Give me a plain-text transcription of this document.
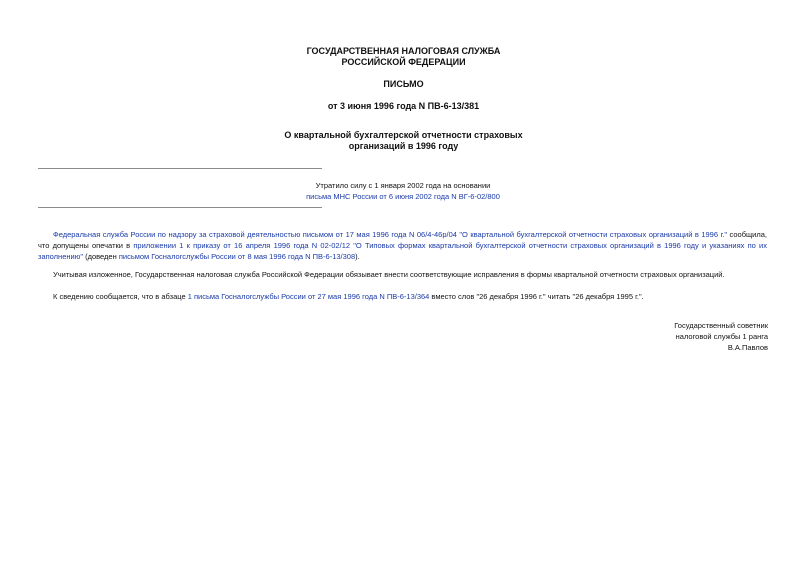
ГОСУДАРСТВЕННАЯ НАЛОГОВАЯ СЛУЖБА
РОССИЙСКОЙ ФЕДЕРАЦИИ
ПИСЬМО
от 3 июня 1996 года N ПВ-6-13/381
О квартальной бухгалтерской отчетности страховых
организаций в 1996 году
Утратило силу с 1 января 2002 года на основании
письма МНС России от 6 июня 2002 года N ВГ-6-02/800
Федеральная служба России по надзору за страховой деятельностью письмом от 17 мая 1996 года N 06/4-46р/04 "О квартальной бухгалтерской отчетности страховых организаций в 1996 г." сообщила, что допущены опечатки в приложении 1 к приказу от 16 апреля 1996 года N 02-02/12 "О Типовых формах квартальной бухгалтерской отчетности страховых организаций в 1996 году и указаниях по их заполнению" (доведен письмом Госналогслужбы России от 8 мая 1996 года N ПВ-6-13/308).
Учитывая изложенное, Государственная налоговая служба Российской Федерации обязывает внести соответствующие исправления в формы квартальной отчетности страховых организаций.
К сведению сообщается, что в абзаце 1 письма Госналогслужбы России от 27 мая 1996 года N ПВ-6-13/364 вместо слов "26 декабря 1996 г." читать "26 декабря 1995 г.".
Государственный советник
налоговой службы 1 ранга
В.А.Павлов
